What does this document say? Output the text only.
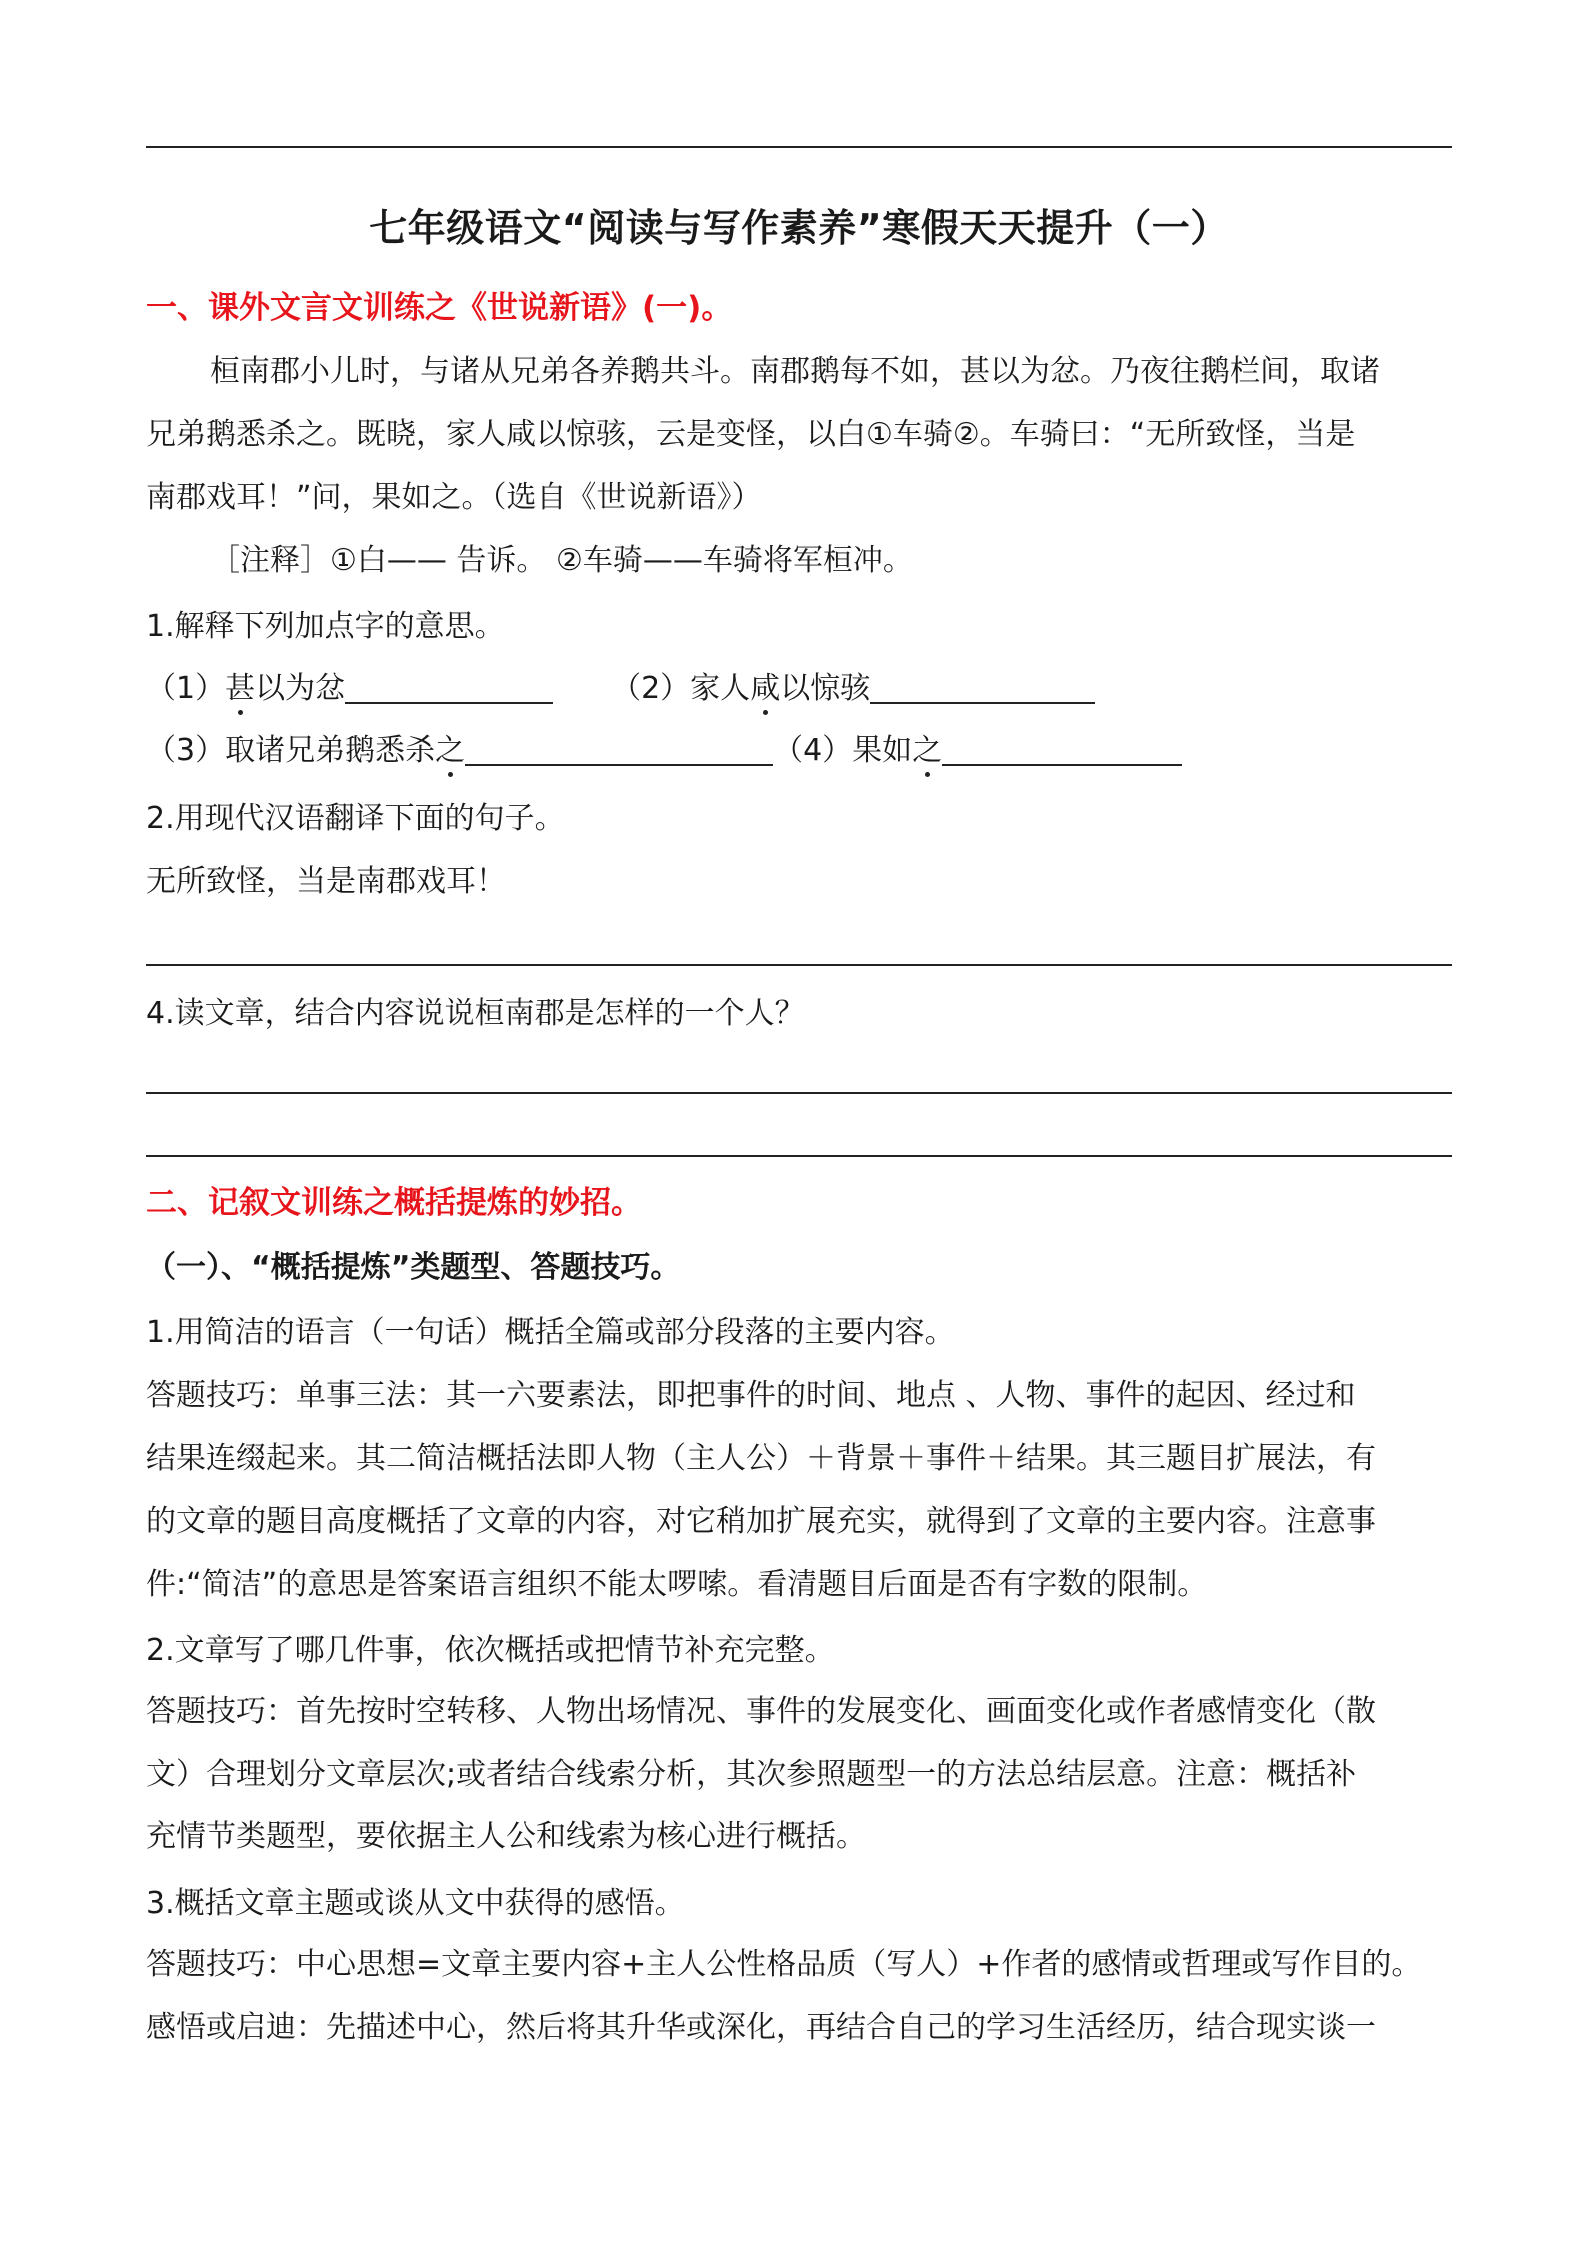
七年级语文“阅读与写作素养”寒假天天提升（一）
一、课外文言文训练之《世说新语》(一)。
桓南郡小儿时，与诸从兄弟各养鹅共斗。南郡鹅每不如，甚以为忿。乃夜往鹅栏间，取诸
兄弟鹅悉杀之。既晓，家人咸以惊骇，云是变怪，以白①车骑②。车骑曰：“无所致怪，当是
南郡戏耳！”问，果如之。（选自《世说新语》）
［注释］①白—— 告诉。 ②车骑——车骑将军桓冲。
1.解释下列加点字的意思。
（1）甚以为忿	（2）家人咸以惊骇
（3）取诸兄弟鹅悉杀之	（4）果如之
2.用现代汉语翻译下面的句子。
无所致怪，当是南郡戏耳！
4.读文章，结合内容说说桓南郡是怎样的一个人？
二、记叙文训练之概括提炼的妙招。
（一）、“概括提炼”类题型、答题技巧。
1.用简洁的语言（一句话）概括全篇或部分段落的主要内容。
答题技巧：单事三法：其一六要素法，即把事件的时间、地点 、人物、事件的起因、经过和
结果连缀起来。其二简洁概括法即人物（主人公）＋背景＋事件＋结果。其三题目扩展法，有
的文章的题目高度概括了文章的内容，对它稍加扩展充实，就得到了文章的主要内容。注意事
件:“简洁”的意思是答案语言组织不能太啰嗦。看清题目后面是否有字数的限制。
2.文章写了哪几件事，依次概括或把情节补充完整。
答题技巧：首先按时空转移、人物出场情况、事件的发展变化、画面变化或作者感情变化（散
文）合理划分文章层次;或者结合线索分析，其次参照题型一的方法总结层意。注意：概括补
充情节类题型，要依据主人公和线索为核心进行概括。
3.概括文章主题或谈从文中获得的感悟。
答题技巧：中心思想=文章主要内容+主人公性格品质（写人）+作者的感情或哲理或写作目的。
感悟或启迪：先描述中心，然后将其升华或深化，再结合自己的学习生活经历，结合现实谈一
